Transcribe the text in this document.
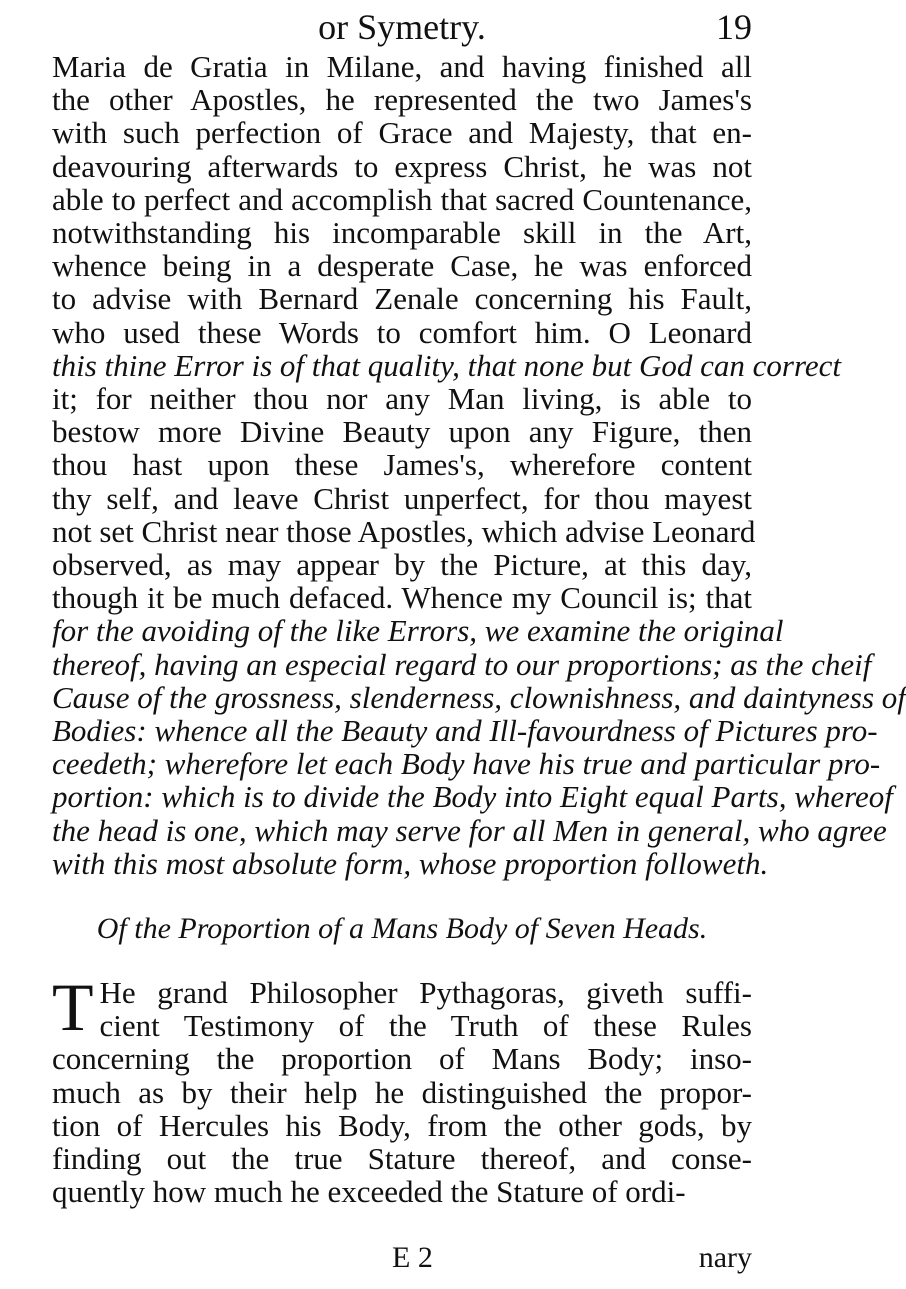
or Symetry.	19
Maria de Gratia in Milane, and having finished all
the other Apostles, he represented the two James's
with such perfection of Grace and Majesty, that en-
deavouring afterwards to express Christ, he was not
able to perfect and accomplish that sacred Countenance,
notwithstanding his incomparable skill in the Art,
whence being in a desperate Case, he was enforced
to advise with Bernard Zenale concerning his Fault,
who used these Words to comfort him. O Leonard
this thine Error is of that quality, that none but God can correct
it; for neither thou nor any Man living, is able to
bestow more Divine Beauty upon any Figure, then
thou hast upon these James's, wherefore content
thy self, and leave Christ unperfect, for thou mayest
not set Christ near those Apostles, which advise Leonard
observed, as may appear by the Picture, at this day,
though it be much defaced. Whence my Council is; that
for the avoiding of the like Errors, we examine the original
thereof, having an especial regard to our proportions; as the cheif
Cause of the grossness, slenderness, clownishness, and daintyness of
Bodies: whence all the Beauty and Ill-favourdness of Pictures pro-
ceedeth; wherefore let each Body have his true and particular pro-
portion: which is to divide the Body into Eight equal Parts, whereof
the head is one, which may serve for all Men in general, who agree
with this most absolute form, whose proportion followeth.
Of the Proportion of a Mans Body of Seven Heads.
T He grand Philosopher Pythagoras, giveth suffi-
cient Testimony of the Truth of these Rules
concerning the proportion of Mans Body; inso-
much as by their help he distinguished the propor-
tion of Hercules his Body, from the other gods, by
finding out the true Stature thereof, and conse-
quently how much he exceeded the Stature of ordi-
E 2	nary
